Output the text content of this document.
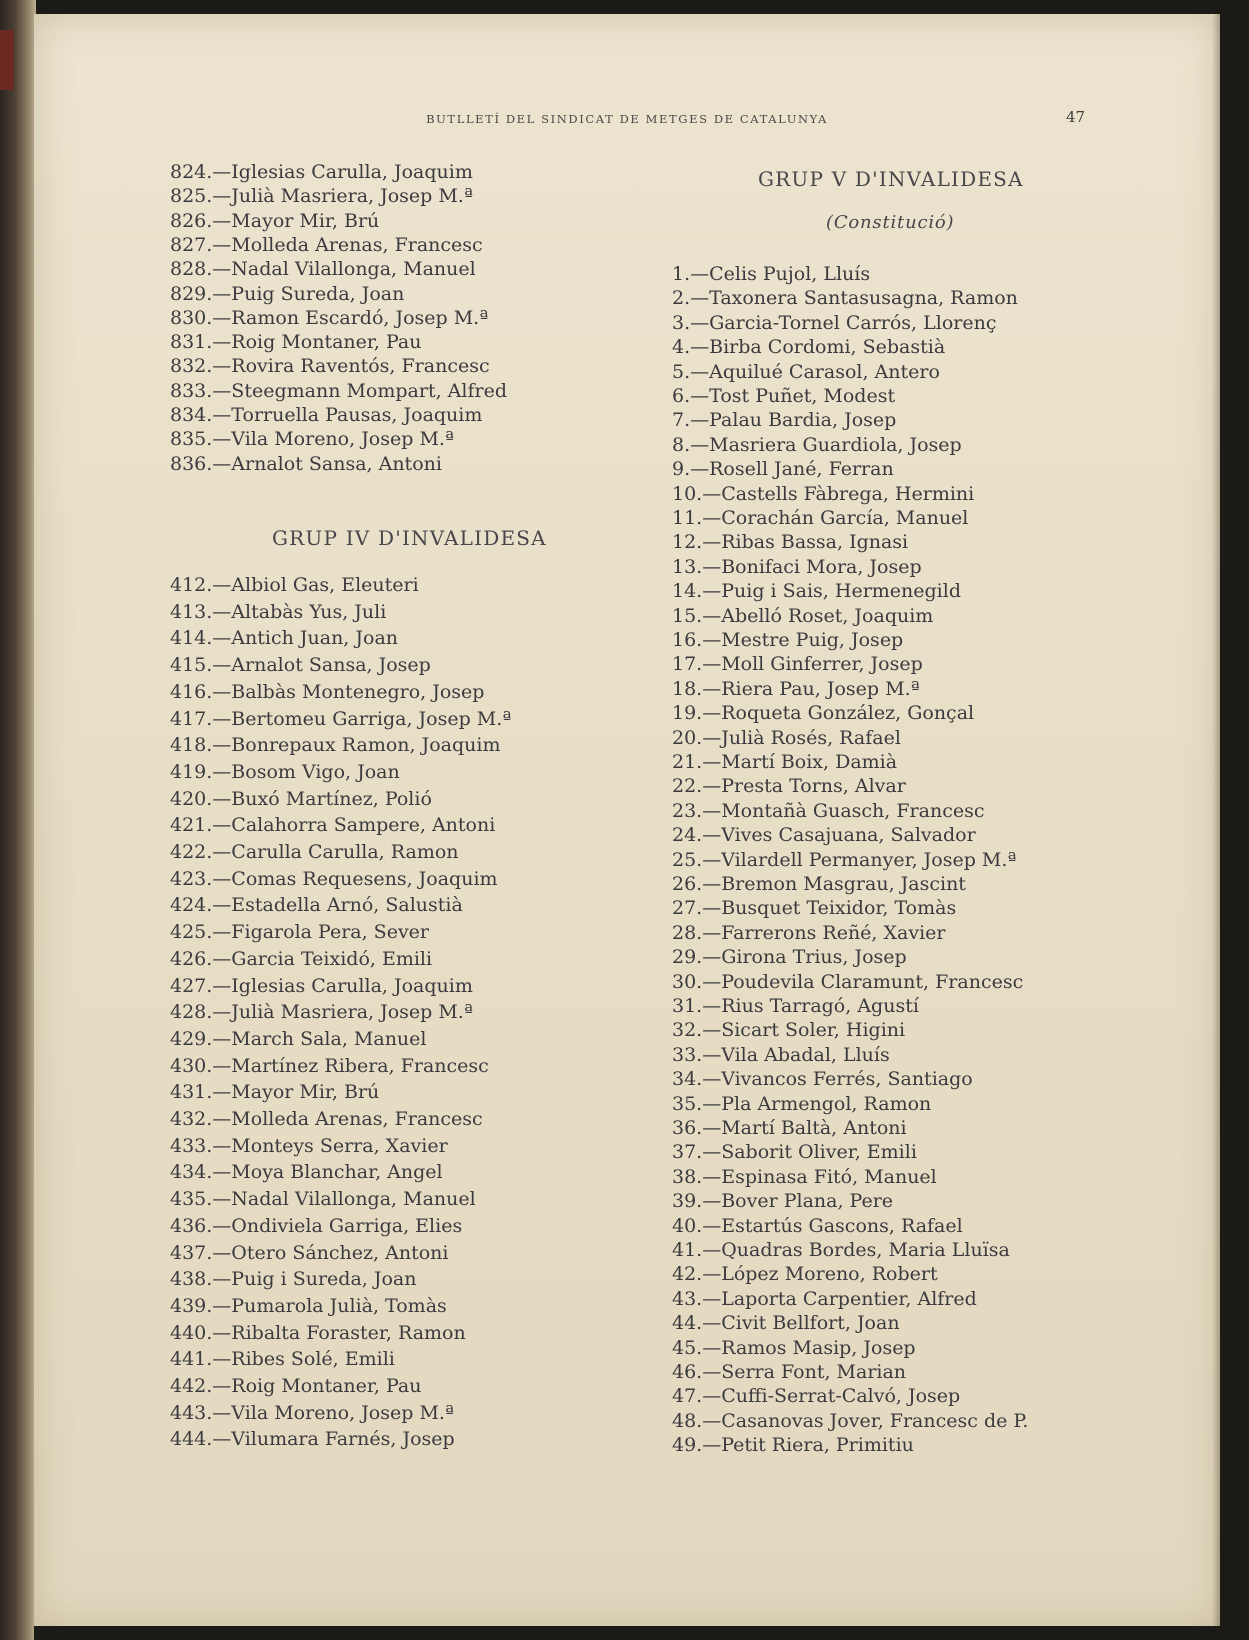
BUTLLETÍ DEL SINDICAT DE METGES DE CATALUNYA	47
824.—Iglesias Carulla, Joaquim
825.—Julià Masriera, Josep M.ª
826.—Mayor Mir, Brú
827.—Molleda Arenas, Francesc
828.—Nadal Vilallonga, Manuel
829.—Puig Sureda, Joan
830.—Ramon Escardó, Josep M.ª
831.—Roig Montaner, Pau
832.—Rovira Raventós, Francesc
833.—Steegmann Mompart, Alfred
834.—Torruella Pausas, Joaquim
835.—Vila Moreno, Josep M.ª
836.—Arnalot Sansa, Antoni
GRUP IV D'INVALIDESA
412.—Albiol Gas, Eleuteri
413.—Altabàs Yus, Juli
414.—Antich Juan, Joan
415.—Arnalot Sansa, Josep
416.—Balbàs Montenegro, Josep
417.—Bertomeu Garriga, Josep M.ª
418.—Bonrepaux Ramon, Joaquim
419.—Bosom Vigo, Joan
420.—Buxó Martínez, Polió
421.—Calahorra Sampere, Antoni
422.—Carulla Carulla, Ramon
423.—Comas Requesens, Joaquim
424.—Estadella Arnó, Salustià
425.—Figarola Pera, Sever
426.—Garcia Teixidó, Emili
427.—Iglesias Carulla, Joaquim
428.—Julià Masriera, Josep M.ª
429.—March Sala, Manuel
430.—Martínez Ribera, Francesc
431.—Mayor Mir, Brú
432.—Molleda Arenas, Francesc
433.—Monteys Serra, Xavier
434.—Moya Blanchar, Angel
435.—Nadal Vilallonga, Manuel
436.—Ondiviela Garriga, Elies
437.—Otero Sánchez, Antoni
438.—Puig i Sureda, Joan
439.—Pumarola Julià, Tomàs
440.—Ribalta Foraster, Ramon
441.—Ribes Solé, Emili
442.—Roig Montaner, Pau
443.—Vila Moreno, Josep M.ª
444.—Vilumara Farnés, Josep
GRUP V D'INVALIDESA
(Constitució)
1.—Celis Pujol, Lluís
2.—Taxonera Santasusagna, Ramon
3.—Garcia-Tornel Carrós, Llorenç
4.—Birba Cordomi, Sebastià
5.—Aquilué Carasol, Antero
6.—Tost Puñet, Modest
7.—Palau Bardia, Josep
8.—Masriera Guardiola, Josep
9.—Rosell Jané, Ferran
10.—Castells Fàbrega, Hermini
11.—Corachán García, Manuel
12.—Ribas Bassa, Ignasi
13.—Bonifaci Mora, Josep
14.—Puig i Sais, Hermenegild
15.—Abelló Roset, Joaquim
16.—Mestre Puig, Josep
17.—Moll Ginferrer, Josep
18.—Riera Pau, Josep M.ª
19.—Roqueta González, Gonçal
20.—Julià Rosés, Rafael
21.—Martí Boix, Damià
22.—Presta Torns, Alvar
23.—Montañà Guasch, Francesc
24.—Vives Casajuana, Salvador
25.—Vilardell Permanyer, Josep M.ª
26.—Bremon Masgrau, Jascint
27.—Busquet Teixidor, Tomàs
28.—Farrerons Reñé, Xavier
29.—Girona Trius, Josep
30.—Poudevila Claramunt, Francesc
31.—Rius Tarragó, Agustí
32.—Sicart Soler, Higini
33.—Vila Abadal, Lluís
34.—Vivancos Ferrés, Santiago
35.—Pla Armengol, Ramon
36.—Martí Baltà, Antoni
37.—Saborit Oliver, Emili
38.—Espinasa Fitó, Manuel
39.—Bover Plana, Pere
40.—Estartús Gascons, Rafael
41.—Quadras Bordes, Maria Lluïsa
42.—López Moreno, Robert
43.—Laporta Carpentier, Alfred
44.—Civit Bellfort, Joan
45.—Ramos Masip, Josep
46.—Serra Font, Marian
47.—Cuffi-Serrat-Calvó, Josep
48.—Casanovas Jover, Francesc de P.
49.—Petit Riera, Primitiu
